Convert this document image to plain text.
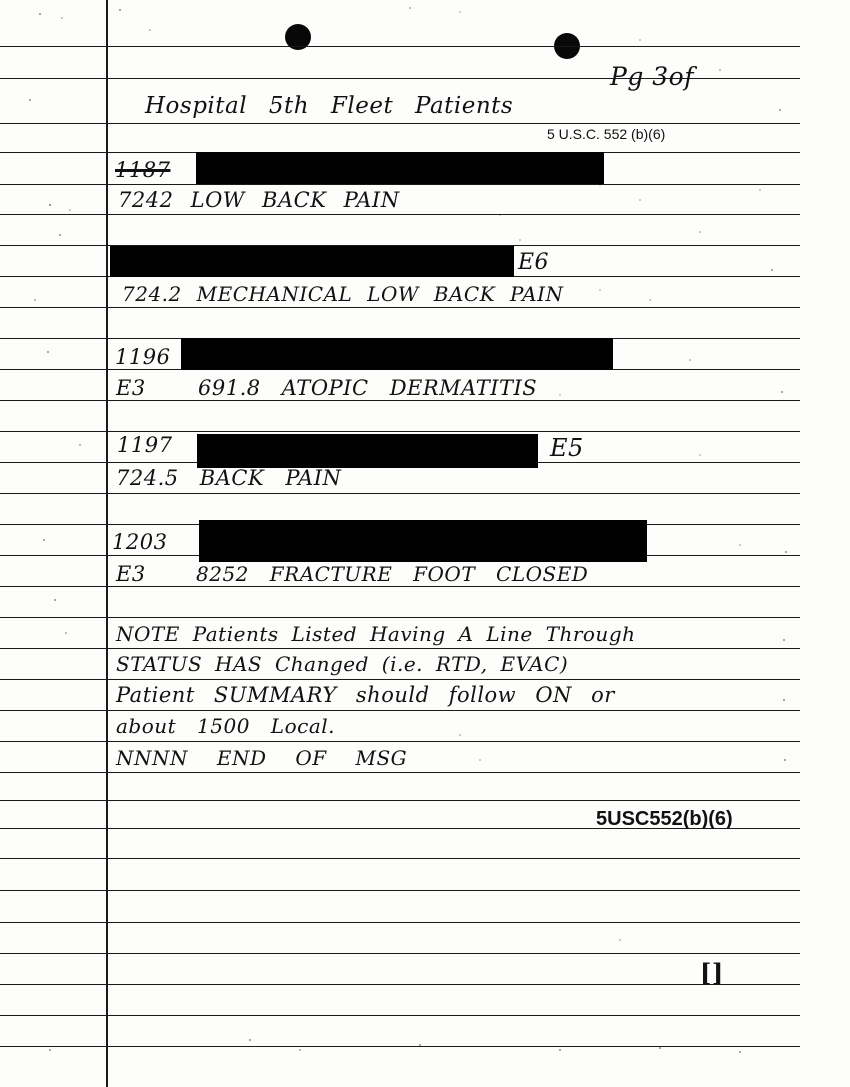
Pg 3of
Hospital 5th Fleet Patients
5 U.S.C. 552 (b)(6)
1187
7242 LOW BACK PAIN
E6
724.2 MECHANICAL LOW BACK PAIN
1196
E3 691.8 ATOPIC DERMATITIS
1197	E5
724.5 BACK PAIN
1203
E3	8252 FRACTURE FOOT CLOSED
NOTE Patients Listed Having A Line Through
STATUS HAS Changed (i.e. RTD, EVAC)
Patient SUMMARY should follow ON or
about 1500 Local.
NNNN END OF MSG
5USC552(b)(6)
[]
